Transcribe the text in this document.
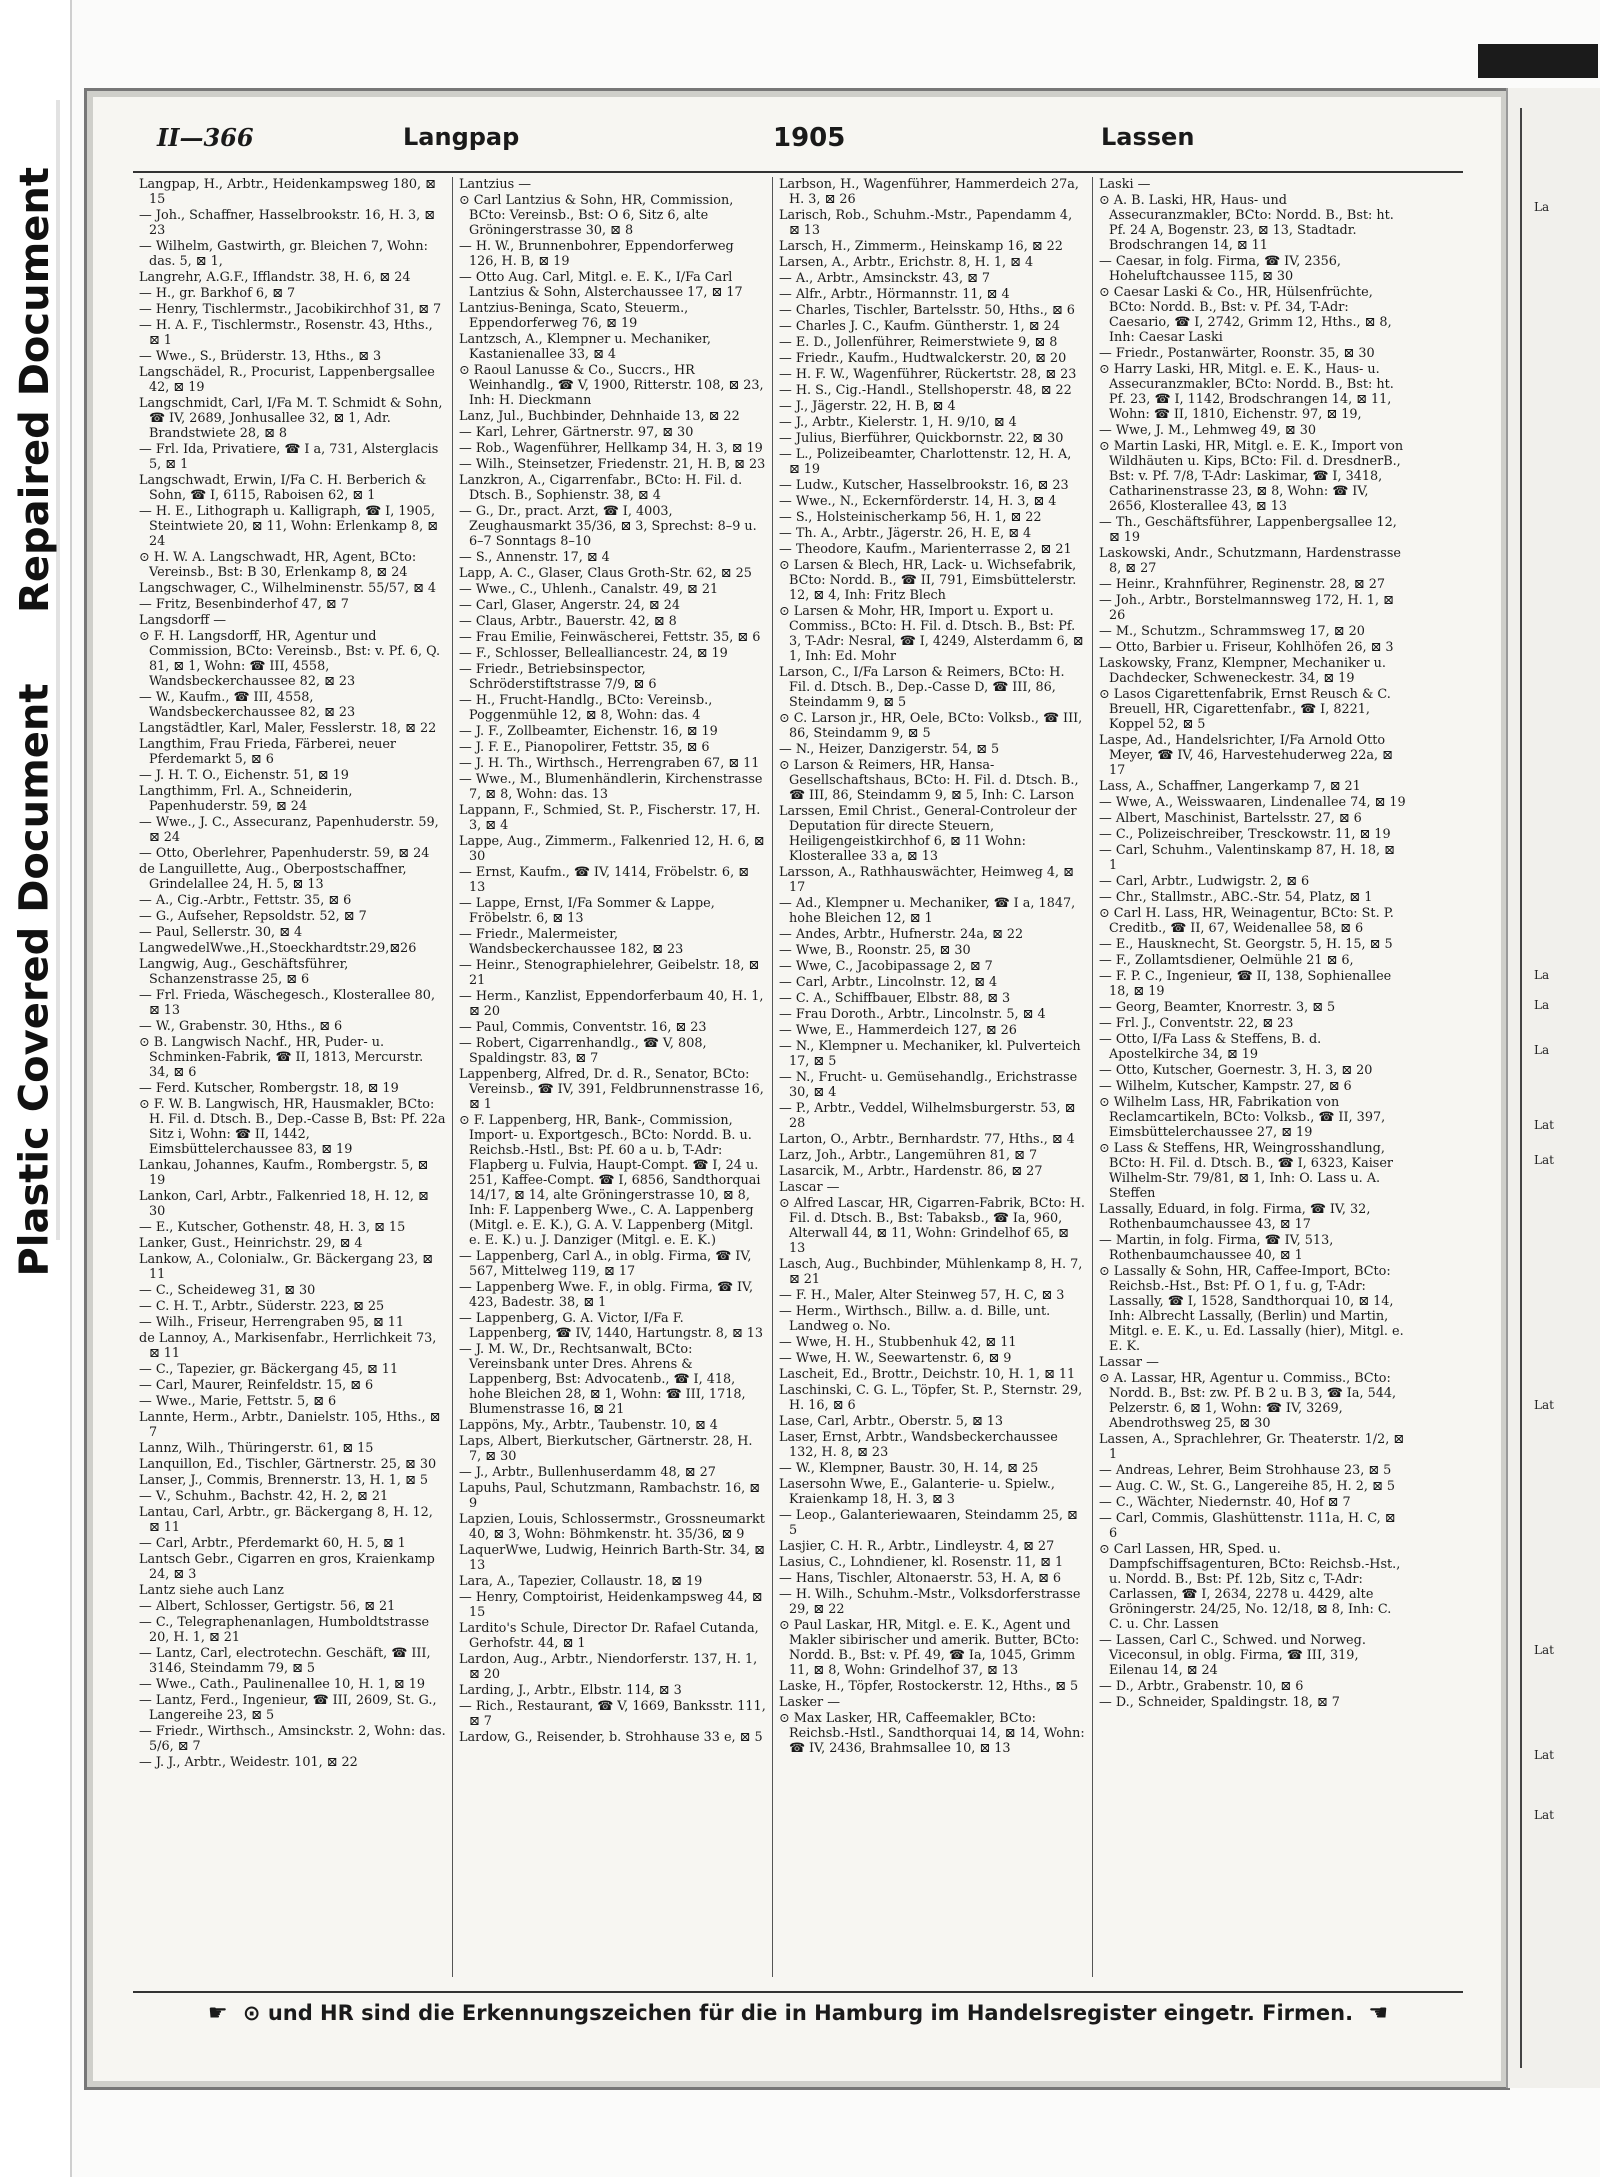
Repaired Document
Plastic Covered Document
II—366	Langpap	1905	Lassen
Langpap, H., Arbtr., Heidenkampsweg 180, ⊠ 15
— Joh., Schaffner, Hasselbrookstr. 16, H. 3, ⊠ 23
— Wilhelm, Gastwirth, gr. Bleichen 7, Wohn: das. 5, ⊠ 1,
Langrehr, A.G.F., Ifflandstr. 38, H. 6, ⊠ 24
— H., gr. Barkhof 6, ⊠ 7
— Henry, Tischlermstr., Jacobikirchhof 31, ⊠ 7
— H. A. F., Tischlermstr., Rosenstr. 43, Hths., ⊠ 1
— Wwe., S., Brüderstr. 13, Hths., ⊠ 3
Langschädel, R., Procurist, Lappenbergsallee 42, ⊠ 19
Langschmidt, Carl, I/Fa M. T. Schmidt & Sohn, ☎ IV, 2689, Jonhusallee 32, ⊠ 1, Adr. Brandstwiete 28, ⊠ 8
— Frl. Ida, Privatiere, ☎ I a, 731, Alsterglacis 5, ⊠ 1
Langschwadt, Erwin, I/Fa C. H. Berberich & Sohn, ☎ I, 6115, Raboisen 62, ⊠ 1
— H. E., Lithograph u. Kalligraph, ☎ I, 1905, Steintwiete 20, ⊠ 11, Wohn: Erlenkamp 8, ⊠ 24
⊙ H. W. A. Langschwadt, HR, Agent, BCto: Vereinsb., Bst: B 30, Erlenkamp 8, ⊠ 24
Langschwager, C., Wilhelminenstr. 55/57, ⊠ 4
— Fritz, Besenbinderhof 47, ⊠ 7
Langsdorff —
⊙ F. H. Langsdorff, HR, Agentur und Commission, BCto: Vereinsb., Bst: v. Pf. 6, Q. 81, ⊠ 1, Wohn: ☎ III, 4558, Wandsbeckerchaussee 82, ⊠ 23
— W., Kaufm., ☎ III, 4558, Wandsbeckerchaussee 82, ⊠ 23
Langstädtler, Karl, Maler, Fesslerstr. 18, ⊠ 22
Langthim, Frau Frieda, Färberei, neuer Pferdemarkt 5, ⊠ 6
— J. H. T. O., Eichenstr. 51, ⊠ 19
Langthimm, Frl. A., Schneiderin, Papenhuderstr. 59, ⊠ 24
— Wwe., J. C., Assecuranz, Papenhuderstr. 59, ⊠ 24
— Otto, Oberlehrer, Papenhuderstr. 59, ⊠ 24
de Languillette, Aug., Oberpostschaffner, Grindelallee 24, H. 5, ⊠ 13
— A., Cig.-Arbtr., Fettstr. 35, ⊠ 6
— G., Aufseher, Repsoldstr. 52, ⊠ 7
— Paul, Sellerstr. 30, ⊠ 4
LangwedelWwe.,H.,Stoeckhardtstr.29,⊠26
Langwig, Aug., Geschäftsführer, Schanzenstrasse 25, ⊠ 6
— Frl. Frieda, Wäschegesch., Klosterallee 80, ⊠ 13
— W., Grabenstr. 30, Hths., ⊠ 6
⊙ B. Langwisch Nachf., HR, Puder- u. Schminken-Fabrik, ☎ II, 1813, Mercurstr. 34, ⊠ 6
— Ferd. Kutscher, Rombergstr. 18, ⊠ 19
⊙ F. W. B. Langwisch, HR, Hausmakler, BCto: H. Fil. d. Dtsch. B., Dep.-Casse B, Bst: Pf. 22a Sitz i, Wohn: ☎ II, 1442, Eimsbüttelerchaussee 83, ⊠ 19
Lankau, Johannes, Kaufm., Rombergstr. 5, ⊠ 19
Lankon, Carl, Arbtr., Falkenried 18, H. 12, ⊠ 30
— E., Kutscher, Gothenstr. 48, H. 3, ⊠ 15
Lanker, Gust., Heinrichstr. 29, ⊠ 4
Lankow, A., Colonialw., Gr. Bäckergang 23, ⊠ 11
— C., Scheideweg 31, ⊠ 30
— C. H. T., Arbtr., Süderstr. 223, ⊠ 25
— Wilh., Friseur, Herrengraben 95, ⊠ 11
de Lannoy, A., Markisenfabr., Herrlichkeit 73, ⊠ 11
— C., Tapezier, gr. Bäckergang 45, ⊠ 11
— Carl, Maurer, Reinfeldstr. 15, ⊠ 6
— Wwe., Marie, Fettstr. 5, ⊠ 6
Lannte, Herm., Arbtr., Danielstr. 105, Hths., ⊠ 7
Lannz, Wilh., Thüringerstr. 61, ⊠ 15
Lanquillon, Ed., Tischler, Gärtnerstr. 25, ⊠ 30
Lanser, J., Commis, Brennerstr. 13, H. 1, ⊠ 5
— V., Schuhm., Bachstr. 42, H. 2, ⊠ 21
Lantau, Carl, Arbtr., gr. Bäckergang 8, H. 12, ⊠ 11
— Carl, Arbtr., Pferdemarkt 60, H. 5, ⊠ 1
Lantsch Gebr., Cigarren en gros, Kraienkamp 24, ⊠ 3
Lantz siehe auch Lanz
— Albert, Schlosser, Gertigstr. 56, ⊠ 21
— C., Telegraphenanlagen, Humboldtstrasse 20, H. 1, ⊠ 21
— Lantz, Carl, electrotechn. Geschäft, ☎ III, 3146, Steindamm 79, ⊠ 5
— Wwe., Cath., Paulinenallee 10, H. 1, ⊠ 19
— Lantz, Ferd., Ingenieur, ☎ III, 2609, St. G., Langereihe 23, ⊠ 5
— Friedr., Wirthsch., Amsinckstr. 2, Wohn: das. 5/6, ⊠ 7
— J. J., Arbtr., Weidestr. 101, ⊠ 22
Lantzius —
⊙ Carl Lantzius & Sohn, HR, Commission, BCto: Vereinsb., Bst: O 6, Sitz 6, alte Gröningerstrasse 30, ⊠ 8
— H. W., Brunnenbohrer, Eppendorferweg 126, H. B, ⊠ 19
— Otto Aug. Carl, Mitgl. e. E. K., I/Fa Carl Lantzius & Sohn, Alsterchaussee 17, ⊠ 17
Lantzius-Beninga, Scato, Steuerm., Eppendorferweg 76, ⊠ 19
Lantzsch, A., Klempner u. Mechaniker, Kastanienallee 33, ⊠ 4
⊙ Raoul Lanusse & Co., Succrs., HR Weinhandlg., ☎ V, 1900, Ritterstr. 108, ⊠ 23, Inh: H. Dieckmann
Lanz, Jul., Buchbinder, Dehnhaide 13, ⊠ 22
— Karl, Lehrer, Gärtnerstr. 97, ⊠ 30
— Rob., Wagenführer, Hellkamp 34, H. 3, ⊠ 19
— Wilh., Steinsetzer, Friedenstr. 21, H. B, ⊠ 23
Lanzkron, A., Cigarrenfabr., BCto: H. Fil. d. Dtsch. B., Sophienstr. 38, ⊠ 4
— G., Dr., pract. Arzt, ☎ I, 4003, Zeughausmarkt 35/36, ⊠ 3, Sprechst: 8–9 u. 6–7 Sonntags 8–10
— S., Annenstr. 17, ⊠ 4
Lapp, A. C., Glaser, Claus Groth-Str. 62, ⊠ 25
— Wwe., C., Uhlenh., Canalstr. 49, ⊠ 21
— Carl, Glaser, Angerstr. 24, ⊠ 24
— Claus, Arbtr., Bauerstr. 42, ⊠ 8
— Frau Emilie, Feinwäscherei, Fettstr. 35, ⊠ 6
— F., Schlosser, Bellealliancestr. 24, ⊠ 19
— Friedr., Betriebsinspector, Schröderstiftstrasse 7/9, ⊠ 6
— H., Frucht-Handlg., BCto: Vereinsb., Poggenmühle 12, ⊠ 8, Wohn: das. 4
— J. F., Zollbeamter, Eichenstr. 16, ⊠ 19
— J. F. E., Pianopolirer, Fettstr. 35, ⊠ 6
— J. H. Th., Wirthsch., Herrengraben 67, ⊠ 11
— Wwe., M., Blumenhändlerin, Kirchenstrasse 7, ⊠ 8, Wohn: das. 13
Lappann, F., Schmied, St. P., Fischerstr. 17, H. 3, ⊠ 4
Lappe, Aug., Zimmerm., Falkenried 12, H. 6, ⊠ 30
— Ernst, Kaufm., ☎ IV, 1414, Fröbelstr. 6, ⊠ 13
— Lappe, Ernst, I/Fa Sommer & Lappe, Fröbelstr. 6, ⊠ 13
— Friedr., Malermeister, Wandsbeckerchaussee 182, ⊠ 23
— Heinr., Stenographielehrer, Geibelstr. 18, ⊠ 21
— Herm., Kanzlist, Eppendorferbaum 40, H. 1, ⊠ 20
— Paul, Commis, Conventstr. 16, ⊠ 23
— Robert, Cigarrenhandlg., ☎ V, 808, Spaldingstr. 83, ⊠ 7
Lappenberg, Alfred, Dr. d. R., Senator, BCto: Vereinsb., ☎ IV, 391, Feldbrunnenstrasse 16, ⊠ 1
⊙ F. Lappenberg, HR, Bank-, Commission, Import- u. Exportgesch., BCto: Nordd. B. u. Reichsb.-Hstl., Bst: Pf. 60 a u. b, T-Adr: Flapberg u. Fulvia, Haupt-Compt. ☎ I, 24 u. 251, Kaffee-Compt. ☎ I, 6856, Sandthorquai 14/17, ⊠ 14, alte Gröningerstrasse 10, ⊠ 8, Inh: F. Lappenberg Wwe., C. A. Lappenberg (Mitgl. e. E. K.), G. A. V. Lappenberg (Mitgl. e. E. K.) u. J. Danziger (Mitgl. e. E. K.)
— Lappenberg, Carl A., in oblg. Firma, ☎ IV, 567, Mittelweg 119, ⊠ 17
— Lappenberg Wwe. F., in oblg. Firma, ☎ IV, 423, Badestr. 38, ⊠ 1
— Lappenberg, G. A. Victor, I/Fa F. Lappenberg, ☎ IV, 1440, Hartungstr. 8, ⊠ 13
— J. M. W., Dr., Rechtsanwalt, BCto: Vereinsbank unter Dres. Ahrens & Lappenberg, Bst: Advocatenb., ☎ I, 418, hohe Bleichen 28, ⊠ 1, Wohn: ☎ III, 1718, Blumenstrasse 16, ⊠ 21
Lappöns, My., Arbtr., Taubenstr. 10, ⊠ 4
Laps, Albert, Bierkutscher, Gärtnerstr. 28, H. 7, ⊠ 30
— J., Arbtr., Bullenhuserdamm 48, ⊠ 27
Lapuhs, Paul, Schutzmann, Rambachstr. 16, ⊠ 9
Lapzien, Louis, Schlossermstr., Grossneumarkt 40, ⊠ 3, Wohn: Böhmkenstr. ht. 35/36, ⊠ 9
LaquerWwe, Ludwig, Heinrich Barth-Str. 34, ⊠ 13
Lara, A., Tapezier, Collaustr. 18, ⊠ 19
— Henry, Comptoirist, Heidenkampsweg 44, ⊠ 15
Lardito's Schule, Director Dr. Rafael Cutanda, Gerhofstr. 44, ⊠ 1
Lardon, Aug., Arbtr., Niendorferstr. 137, H. 1, ⊠ 20
Larding, J., Arbtr., Elbstr. 114, ⊠ 3
— Rich., Restaurant, ☎ V, 1669, Banksstr. 111, ⊠ 7
Lardow, G., Reisender, b. Strohhause 33 e, ⊠ 5
Larbson, H., Wagenführer, Hammerdeich 27a, H. 3, ⊠ 26
Larisch, Rob., Schuhm.-Mstr., Papendamm 4, ⊠ 13
Larsch, H., Zimmerm., Heinskamp 16, ⊠ 22
Larsen, A., Arbtr., Erichstr. 8, H. 1, ⊠ 4
— A., Arbtr., Amsinckstr. 43, ⊠ 7
— Alfr., Arbtr., Hörmannstr. 11, ⊠ 4
— Charles, Tischler, Bartelsstr. 50, Hths., ⊠ 6
— Charles J. C., Kaufm. Güntherstr. 1, ⊠ 24
— E. D., Jollenführer, Reimerstwiete 9, ⊠ 8
— Friedr., Kaufm., Hudtwalckerstr. 20, ⊠ 20
— H. F. W., Wagenführer, Rückertstr. 28, ⊠ 23
— H. S., Cig.-Handl., Stellshoperstr. 48, ⊠ 22
— J., Jägerstr. 22, H. B, ⊠ 4
— J., Arbtr., Kielerstr. 1, H. 9/10, ⊠ 4
— Julius, Bierführer, Quickbornstr. 22, ⊠ 30
— L., Polizeibeamter, Charlottenstr. 12, H. A, ⊠ 19
— Ludw., Kutscher, Hasselbrookstr. 16, ⊠ 23
— Wwe., N., Eckernförderstr. 14, H. 3, ⊠ 4
— S., Holsteinischerkamp 56, H. 1, ⊠ 22
— Th. A., Arbtr., Jägerstr. 26, H. E, ⊠ 4
— Theodore, Kaufm., Marienterrasse 2, ⊠ 21
⊙ Larsen & Blech, HR, Lack- u. Wichsefabrik, BCto: Nordd. B., ☎ II, 791, Eimsbüttelerstr. 12, ⊠ 4, Inh: Fritz Blech
⊙ Larsen & Mohr, HR, Import u. Export u. Commiss., BCto: H. Fil. d. Dtsch. B., Bst: Pf. 3, T-Adr: Nesral, ☎ I, 4249, Alsterdamm 6, ⊠ 1, Inh: Ed. Mohr
Larson, C., I/Fa Larson & Reimers, BCto: H. Fil. d. Dtsch. B., Dep.-Casse D, ☎ III, 86, Steindamm 9, ⊠ 5
⊙ C. Larson jr., HR, Oele, BCto: Volksb., ☎ III, 86, Steindamm 9, ⊠ 5
— N., Heizer, Danzigerstr. 54, ⊠ 5
⊙ Larson & Reimers, HR, Hansa-Gesellschaftshaus, BCto: H. Fil. d. Dtsch. B., ☎ III, 86, Steindamm 9, ⊠ 5, Inh: C. Larson
Larssen, Emil Christ., General-Controleur der Deputation für directe Steuern, Heiligengeistkirchhof 6, ⊠ 11 Wohn: Klosterallee 33 a, ⊠ 13
Larsson, A., Rathhauswächter, Heimweg 4, ⊠ 17
— Ad., Klempner u. Mechaniker, ☎ I a, 1847, hohe Bleichen 12, ⊠ 1
— Andes, Arbtr., Hufnerstr. 24a, ⊠ 22
— Wwe, B., Roonstr. 25, ⊠ 30
— Wwe, C., Jacobipassage 2, ⊠ 7
— Carl, Arbtr., Lincolnstr. 12, ⊠ 4
— C. A., Schiffbauer, Elbstr. 88, ⊠ 3
— Frau Doroth., Arbtr., Lincolnstr. 5, ⊠ 4
— Wwe, E., Hammerdeich 127, ⊠ 26
— N., Klempner u. Mechaniker, kl. Pulverteich 17, ⊠ 5
— N., Frucht- u. Gemüsehandlg., Erichstrasse 30, ⊠ 4
— P., Arbtr., Veddel, Wilhelmsburgerstr. 53, ⊠ 28
Larton, O., Arbtr., Bernhardstr. 77, Hths., ⊠ 4
Larz, Joh., Arbtr., Langemühren 81, ⊠ 7
Lasarcik, M., Arbtr., Hardenstr. 86, ⊠ 27
Lascar —
⊙ Alfred Lascar, HR, Cigarren-Fabrik, BCto: H. Fil. d. Dtsch. B., Bst: Tabaksb., ☎ Ia, 960, Alterwall 44, ⊠ 11, Wohn: Grindelhof 65, ⊠ 13
Lasch, Aug., Buchbinder, Mühlenkamp 8, H. 7, ⊠ 21
— F. H., Maler, Alter Steinweg 57, H. C, ⊠ 3
— Herm., Wirthsch., Billw. a. d. Bille, unt. Landweg o. No.
— Wwe, H. H., Stubbenhuk 42, ⊠ 11
— Wwe, H. W., Seewartenstr. 6, ⊠ 9
Lascheit, Ed., Brottr., Deichstr. 10, H. 1, ⊠ 11
Laschinski, C. G. L., Töpfer, St. P., Sternstr. 29, H. 16, ⊠ 6
Lase, Carl, Arbtr., Oberstr. 5, ⊠ 13
Laser, Ernst, Arbtr., Wandsbeckerchaussee 132, H. 8, ⊠ 23
— W., Klempner, Baustr. 30, H. 14, ⊠ 25
Lasersohn Wwe, E., Galanterie- u. Spielw., Kraienkamp 18, H. 3, ⊠ 3
— Leop., Galanteriewaaren, Steindamm 25, ⊠ 5
Lasjier, C. H. R., Arbtr., Lindleystr. 4, ⊠ 27
Lasius, C., Lohndiener, kl. Rosenstr. 11, ⊠ 1
— Hans, Tischler, Altonaerstr. 53, H. A, ⊠ 6
— H. Wilh., Schuhm.-Mstr., Volksdorferstrasse 29, ⊠ 22
⊙ Paul Laskar, HR, Mitgl. e. E. K., Agent und Makler sibirischer und amerik. Butter, BCto: Nordd. B., Bst: v. Pf. 49, ☎ Ia, 1045, Grimm 11, ⊠ 8, Wohn: Grindelhof 37, ⊠ 13
Laske, H., Töpfer, Rostockerstr. 12, Hths., ⊠ 5
Lasker —
⊙ Max Lasker, HR, Caffeemakler, BCto: Reichsb.-Hstl., Sandthorquai 14, ⊠ 14, Wohn: ☎ IV, 2436, Brahmsallee 10, ⊠ 13
Laski —
⊙ A. B. Laski, HR, Haus- und Assecuranzmakler, BCto: Nordd. B., Bst: ht. Pf. 24 A, Bogenstr. 23, ⊠ 13, Stadtadr. Brodschrangen 14, ⊠ 11
— Caesar, in folg. Firma, ☎ IV, 2356, Hoheluftchaussee 115, ⊠ 30
⊙ Caesar Laski & Co., HR, Hülsenfrüchte, BCto: Nordd. B., Bst: v. Pf. 34, T-Adr: Caesario, ☎ I, 2742, Grimm 12, Hths., ⊠ 8, Inh: Caesar Laski
— Friedr., Postanwärter, Roonstr. 35, ⊠ 30
⊙ Harry Laski, HR, Mitgl. e. E. K., Haus- u. Assecuranzmakler, BCto: Nordd. B., Bst: ht. Pf. 23, ☎ I, 1142, Brodschrangen 14, ⊠ 11, Wohn: ☎ II, 1810, Eichenstr. 97, ⊠ 19,
— Wwe, J. M., Lehmweg 49, ⊠ 30
⊙ Martin Laski, HR, Mitgl. e. E. K., Import von Wildhäuten u. Kips, BCto: Fil. d. DresdnerB., Bst: v. Pf. 7/8, T-Adr: Laskimar, ☎ I, 3418, Catharinenstrasse 23, ⊠ 8, Wohn: ☎ IV, 2656, Klosterallee 43, ⊠ 13
— Th., Geschäftsführer, Lappenbergsallee 12, ⊠ 19
Laskowski, Andr., Schutzmann, Hardenstrasse 8, ⊠ 27
— Heinr., Krahnführer, Reginenstr. 28, ⊠ 27
— Joh., Arbtr., Borstelmannsweg 172, H. 1, ⊠ 26
— M., Schutzm., Schrammsweg 17, ⊠ 20
— Otto, Barbier u. Friseur, Kohlhöfen 26, ⊠ 3
Laskowsky, Franz, Klempner, Mechaniker u. Dachdecker, Schweneckestr. 34, ⊠ 19
⊙ Lasos Cigarettenfabrik, Ernst Reusch & C. Breuell, HR, Cigarettenfabr., ☎ I, 8221, Koppel 52, ⊠ 5
Laspe, Ad., Handelsrichter, I/Fa Arnold Otto Meyer, ☎ IV, 46, Harvestehuderweg 22a, ⊠ 17
Lass, A., Schaffner, Langerkamp 7, ⊠ 21
— Wwe, A., Weisswaaren, Lindenallee 74, ⊠ 19
— Albert, Maschinist, Bartelsstr. 27, ⊠ 6
— C., Polizeischreiber, Tresckowstr. 11, ⊠ 19
— Carl, Schuhm., Valentinskamp 87, H. 18, ⊠ 1
— Carl, Arbtr., Ludwigstr. 2, ⊠ 6
— Chr., Stallmstr., ABC.-Str. 54, Platz, ⊠ 1
⊙ Carl H. Lass, HR, Weinagentur, BCto: St. P. Creditb., ☎ II, 67, Weidenallee 58, ⊠ 6
— E., Hausknecht, St. Georgstr. 5, H. 15, ⊠ 5
— F., Zollamtsdiener, Oelmühle 21 ⊠ 6,
— F. P. C., Ingenieur, ☎ II, 138, Sophienallee 18, ⊠ 19
— Georg, Beamter, Knorrestr. 3, ⊠ 5
— Frl. J., Conventstr. 22, ⊠ 23
— Otto, I/Fa Lass & Steffens, B. d. Apostelkirche 34, ⊠ 19
— Otto, Kutscher, Goernestr. 3, H. 3, ⊠ 20
— Wilhelm, Kutscher, Kampstr. 27, ⊠ 6
⊙ Wilhelm Lass, HR, Fabrikation von Reclamcartikeln, BCto: Volksb., ☎ II, 397, Eimsbüttelerchaussee 27, ⊠ 19
⊙ Lass & Steffens, HR, Weingrosshandlung, BCto: H. Fil. d. Dtsch. B., ☎ I, 6323, Kaiser Wilhelm-Str. 79/81, ⊠ 1, Inh: O. Lass u. A. Steffen
Lassally, Eduard, in folg. Firma, ☎ IV, 32, Rothenbaumchaussee 43, ⊠ 17
— Martin, in folg. Firma, ☎ IV, 513, Rothenbaumchaussee 40, ⊠ 1
⊙ Lassally & Sohn, HR, Caffee-Import, BCto: Reichsb.-Hst., Bst: Pf. O 1, f u. g, T-Adr: Lassally, ☎ I, 1528, Sandthorquai 10, ⊠ 14, Inh: Albrecht Lassally, (Berlin) und Martin, Mitgl. e. E. K., u. Ed. Lassally (hier), Mitgl. e. E. K.
Lassar —
⊙ A. Lassar, HR, Agentur u. Commiss., BCto: Nordd. B., Bst: zw. Pf. B 2 u. B 3, ☎ Ia, 544, Pelzerstr. 6, ⊠ 1, Wohn: ☎ IV, 3269, Abendrothsweg 25, ⊠ 30
Lassen, A., Sprachlehrer, Gr. Theaterstr. 1/2, ⊠ 1
— Andreas, Lehrer, Beim Strohhause 23, ⊠ 5
— Aug. C. W., St. G., Langereihe 85, H. 2, ⊠ 5
— C., Wächter, Niedernstr. 40, Hof ⊠ 7
— Carl, Commis, Glashüttenstr. 111a, H. C, ⊠ 6
⊙ Carl Lassen, HR, Sped. u. Dampfschiffsagenturen, BCto: Reichsb.-Hst., u. Nordd. B., Bst: Pf. 12b, Sitz c, T-Adr: Carlassen, ☎ I, 2634, 2278 u. 4429, alte Gröningerstr. 24/25, No. 12/18, ⊠ 8, Inh: C. C. u. Chr. Lassen
— Lassen, Carl C., Schwed. und Norweg. Viceconsul, in oblg. Firma, ☎ III, 319, Eilenau 14, ⊠ 24
— D., Arbtr., Grabenstr. 10, ⊠ 6
— D., Schneider, Spaldingstr. 18, ⊠ 7
☛ ⊙ und HR sind die Erkennungszeichen für die in Hamburg im Handelsregister eingetr. Firmen. ☚
La
La
La
La
Lat
Lat
Lat
Lat
Lat
Lat
